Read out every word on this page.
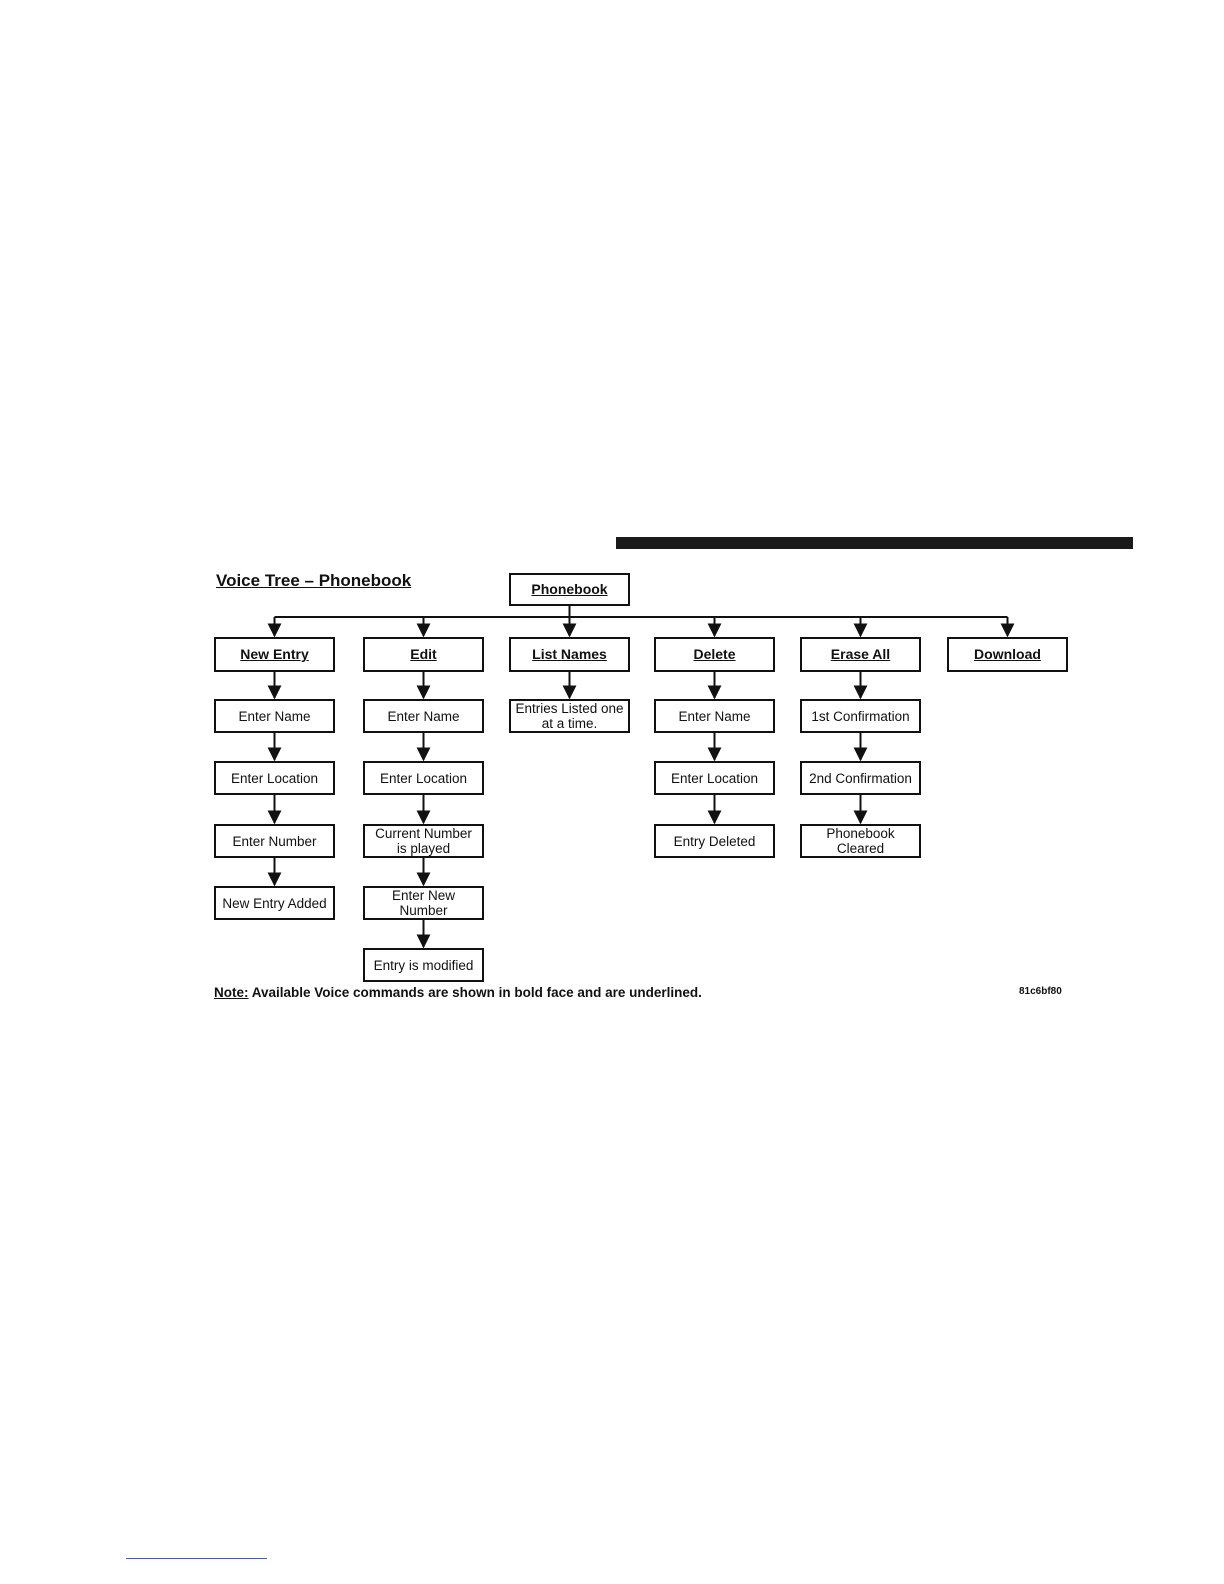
Voice Tree – Phonebook	Phonebook
New Entry
Enter Name
Enter Location
Enter Number
New Entry Added
Edit
Enter Name
Enter Location
Current Number
is played
Enter New
Number
Entry is modified
List Names
Entries Listed one
at a time.
Delete
Enter Name
Enter Location
Entry Deleted
Erase All
1st Confirmation
2nd Confirmation
Phonebook
Cleared
Download
Note: Available Voice commands are shown in bold face and are underlined.	81c6bf80
